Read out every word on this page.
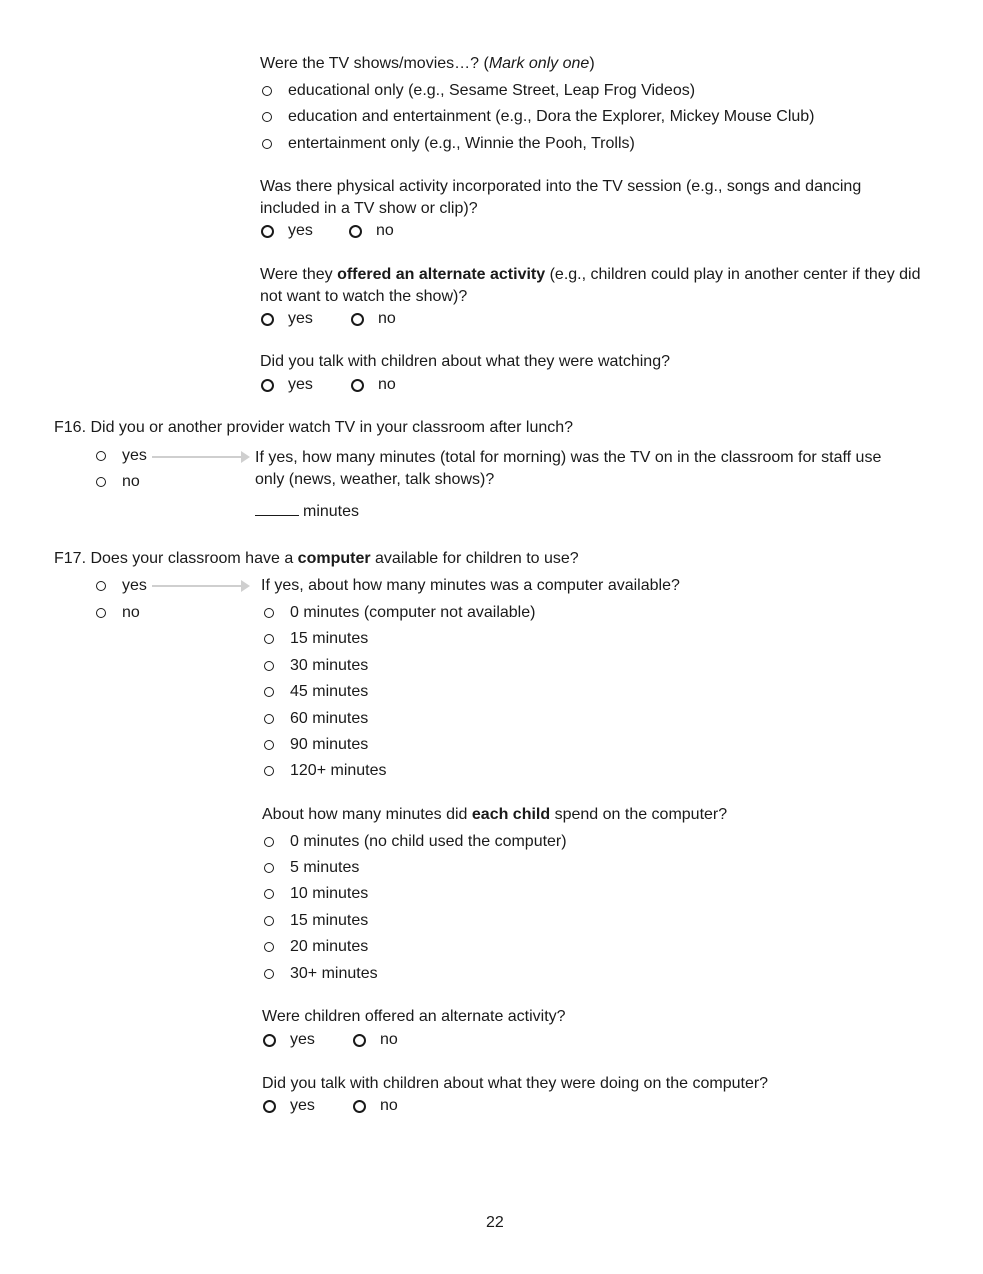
Were the TV shows/movies…? (Mark only one)
educational only (e.g., Sesame Street, Leap Frog Videos)
education and entertainment (e.g., Dora the Explorer, Mickey Mouse Club)
entertainment only (e.g., Winnie the Pooh, Trolls)
Was there physical activity incorporated into the TV session (e.g., songs and dancing included in a TV show or clip)?
yes	no
Were they offered an alternate activity (e.g., children could play in another center if they did not want to watch the show)?
yes	no
Did you talk with children about what they were watching?
yes	no
F16. Did you or another provider watch TV in your classroom after lunch?
yes
no
If yes, how many minutes (total for morning) was the TV on in the classroom for staff use only (news, weather, talk shows)?
minutes
F17. Does your classroom have a computer available for children to use?
yes
no
If yes, about how many minutes was a computer available?
0 minutes (computer not available)
15 minutes
30 minutes
45 minutes
60 minutes
90 minutes
120+ minutes
About how many minutes did each child spend on the computer?
0 minutes (no child used the computer)
5 minutes
10 minutes
15 minutes
20 minutes
30+ minutes
Were children offered an alternate activity?
yes	no
Did you talk with children about what they were doing on the computer?
yes	no
22
